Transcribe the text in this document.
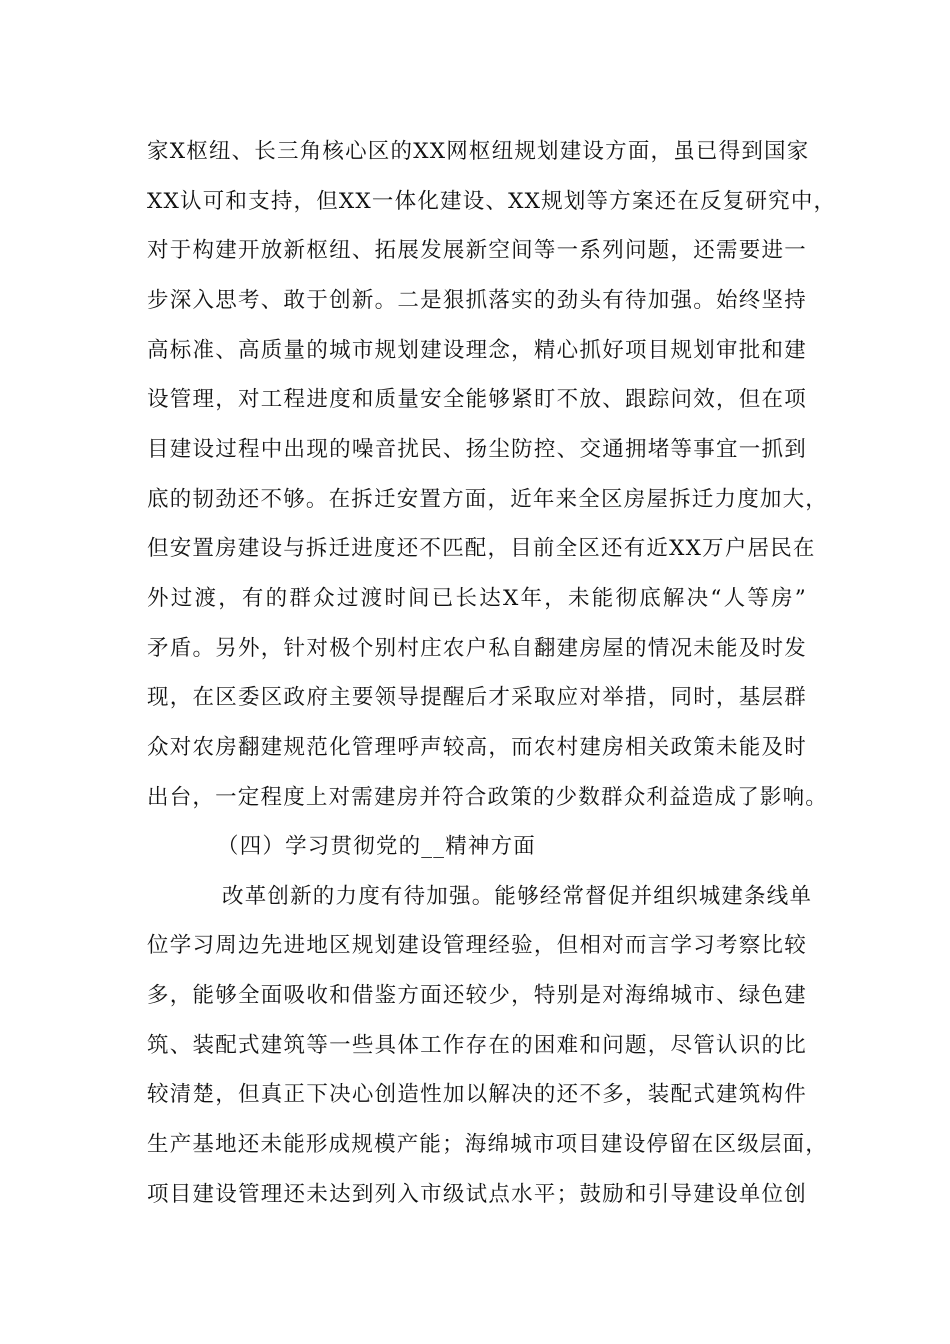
家X枢纽、长三角核心区的XX网枢纽规划建设方面，虽已得到国家
XX认可和支持，但XX一体化建设、XX规划等方案还在反复研究中，
对于构建开放新枢纽、拓展发展新空间等一系列问题，还需要进一
步深入思考、敢于创新。二是狠抓落实的劲头有待加强。始终坚持
高标准、高质量的城市规划建设理念，精心抓好项目规划审批和建
设管理，对工程进度和质量安全能够紧盯不放、跟踪问效，但在项
目建设过程中出现的噪音扰民、扬尘防控、交通拥堵等事宜一抓到
底的韧劲还不够。在拆迁安置方面，近年来全区房屋拆迁力度加大，
但安置房建设与拆迁进度还不匹配，目前全区还有近XX万户居民在
外过渡，有的群众过渡时间已长达X年，未能彻底解决“人等房”
矛盾。另外，针对极个别村庄农户私自翻建房屋的情况未能及时发
现，在区委区政府主要领导提醒后才采取应对举措，同时，基层群
众对农房翻建规范化管理呼声较高，而农村建房相关政策未能及时
出台，一定程度上对需建房并符合政策的少数群众利益造成了影响。
（四）学习贯彻党的__精神方面
改革创新的力度有待加强。能够经常督促并组织城建条线单
位学习周边先进地区规划建设管理经验，但相对而言学习考察比较
多，能够全面吸收和借鉴方面还较少，特别是对海绵城市、绿色建
筑、装配式建筑等一些具体工作存在的困难和问题，尽管认识的比
较清楚，但真正下决心创造性加以解决的还不多，装配式建筑构件
生产基地还未能形成规模产能；海绵城市项目建设停留在区级层面，
项目建设管理还未达到列入市级试点水平；鼓励和引导建设单位创
